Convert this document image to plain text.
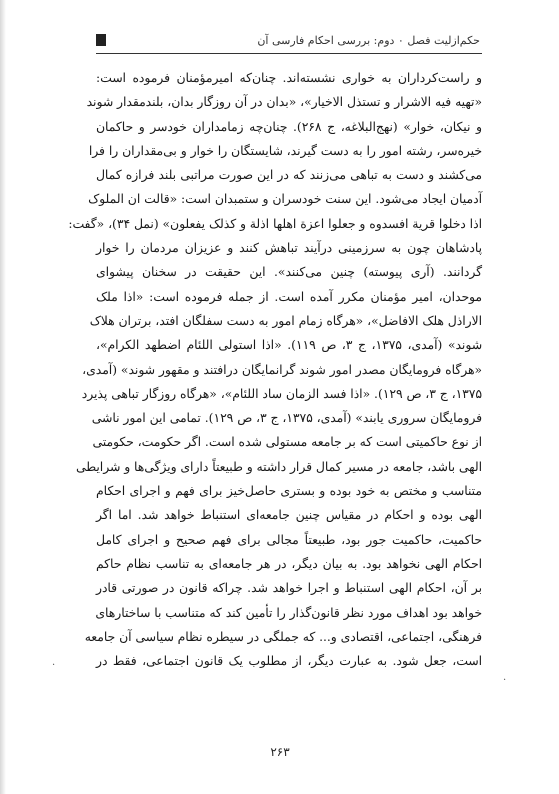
حکم‌ازلیت فصل ۰ دوم: بررسی احکام فارسی آن
و راست‌کرداران به خواری نشسته‌اند. چنان‌که امیرمؤمنان فرموده است:
«تهیه فیه الاشرار و تستذل الاخیار»، «بدان در آن روزگار بدان، بلندمقدار شوند
و نیکان، خوار» (نهج‌البلاغه، ج ۲۶۸). چنان‌چه زمامداران خودسر و حاکمان
خیره‌سر، رشته امور را به دست گیرند، شایستگان را خوار و بی‌مقداران را فرا
می‌کشند و دست به تباهی می‌زنند که در این صورت مراتبی بلند فرازه کمال
آدمیان ایجاد می‌شود. این سنت خودسران و ستمبدان است: «قالت ان الملوک
اذا دخلوا قریة افسدوه و جعلوا اعزة اهلها اذلة و کذلک یفعلون» (نمل ۳۴)، «گفت:
پادشاهان چون به سرزمینی درآیند تباهش کنند و عزیزان مردمان را خوار
گردانند. (آری پیوسته) چنین می‌کنند». این حقیقت در سخنان پیشوای
موحدان، امیر مؤمنان مکرر آمده است. از جمله فرموده است: «اذا ملک
الاراذل هلک الافاضل»، «هرگاه زمام امور به دست سفلگان افتد، برتران هلاک
شوند» (آمدی، ۱۳۷۵، ج ۳، ص ۱۱۹). «اذا استولی اللئام اضطهد الکرام»،
«هرگاه فرومایگان مصدر امور شوند گرانمایگان درافتند و مقهور شوند» (آمدی،
۱۳۷۵، ج ۳، ص ۱۲۹). «اذا فسد الزمان ساد اللئام»، «هرگاه روزگار تباهی پذیرد
فرومایگان سروری یابند» (آمدی، ۱۳۷۵، ج ۳، ص ۱۲۹). تمامی این امور ناشی
از نوع حاکمیتی است که بر جامعه مستولی شده است. اگر حکومت، حکومتی
الهی باشد، جامعه در مسیر کمال قرار داشته و طبیعتاً دارای ویژگی‌ها و شرایطی
متناسب و مختص به خود بوده و بستری حاصل‌خیز برای فهم و اجرای احکام
الهی بوده و احکام در مقیاس چنین جامعه‌ای استنباط خواهد شد. اما اگر
حاکمیت، حاکمیت جور بود، طبیعتاً مجالی برای فهم صحیح و اجرای کامل
احکام الهی نخواهد بود. به بیان دیگر، در هر جامعه‌ای به تناسب نظام حاکم
بر آن، احکام الهی استنباط و اجرا خواهد شد. چراکه قانون در صورتی قادر
خواهد بود اهداف مورد نظر قانون‌گذار را تأمین کند که متناسب با ساختارهای
فرهنگی، اجتماعی، اقتصادی و... که جملگی در سیطره نظام سیاسی آن جامعه
است، جعل شود. به عبارت دیگر، از مطلوب یک قانون اجتماعی، فقط در
.
.
۲۶۳
